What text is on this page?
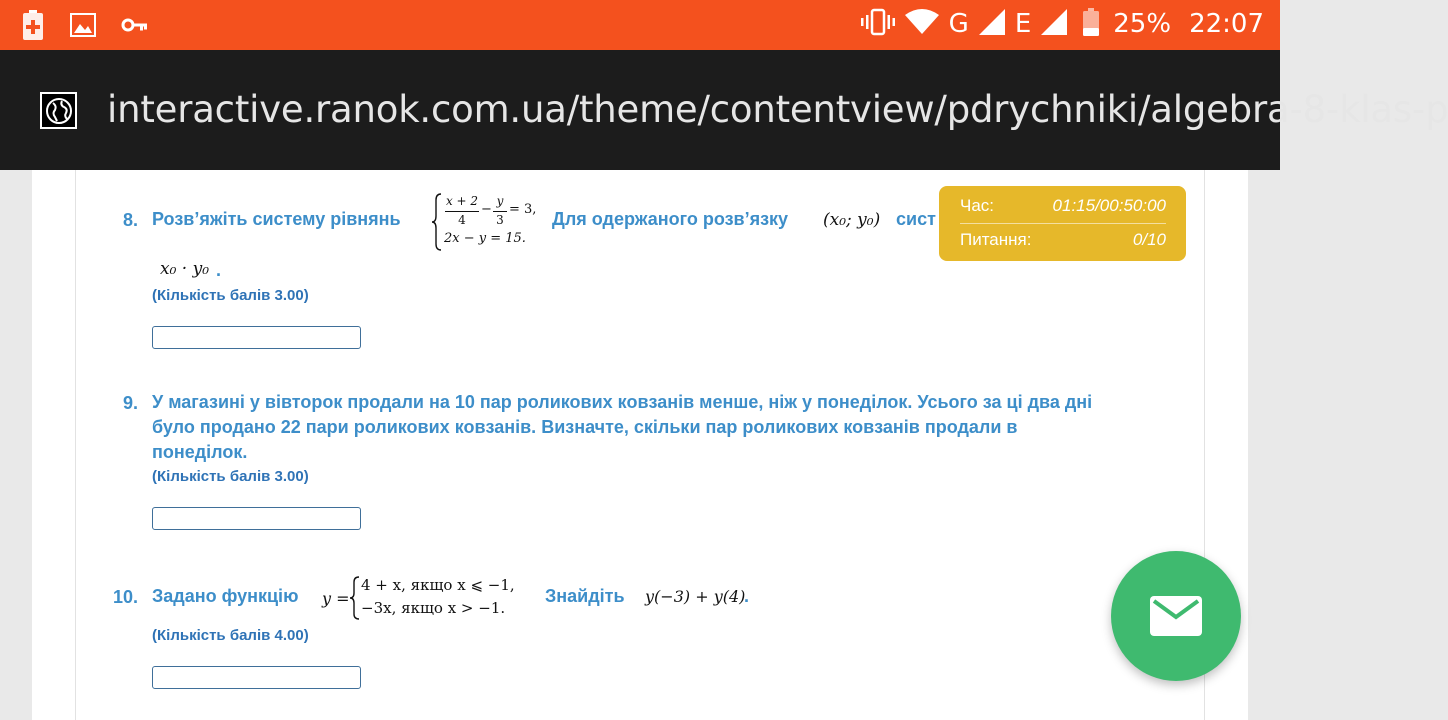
G E	25% 22:07
interactive.ranok.com.ua/theme/contentview/pdrychniki/algebra-8-klas-p
8. Розв’яжіть систему рівнянь
x + 2
4
−
y
3
= 3,
2x − y = 15.
Для одержаного розв’язку (x₀; y₀) сист
x₀ · y₀ .
(Кількість балів 3.00)
9. У магазині у вівторок продали на 10 пар роликових ковзанів менше, ніж у понеділок. Усього за ці два дні
було продано 22 пари роликових ковзанів. Визначте, скільки пар роликових ковзанів продали в
понеділок.
(Кількість балів 3.00)
10. Задано функцію y =
4 + x, якщо x ⩽ −1,
−3x, якщо x > −1.
Знайдіть y(−3) + y(4)
.
(Кількість балів 4.00)
Час:	01:15/00:50:00
Питання:	0/10
